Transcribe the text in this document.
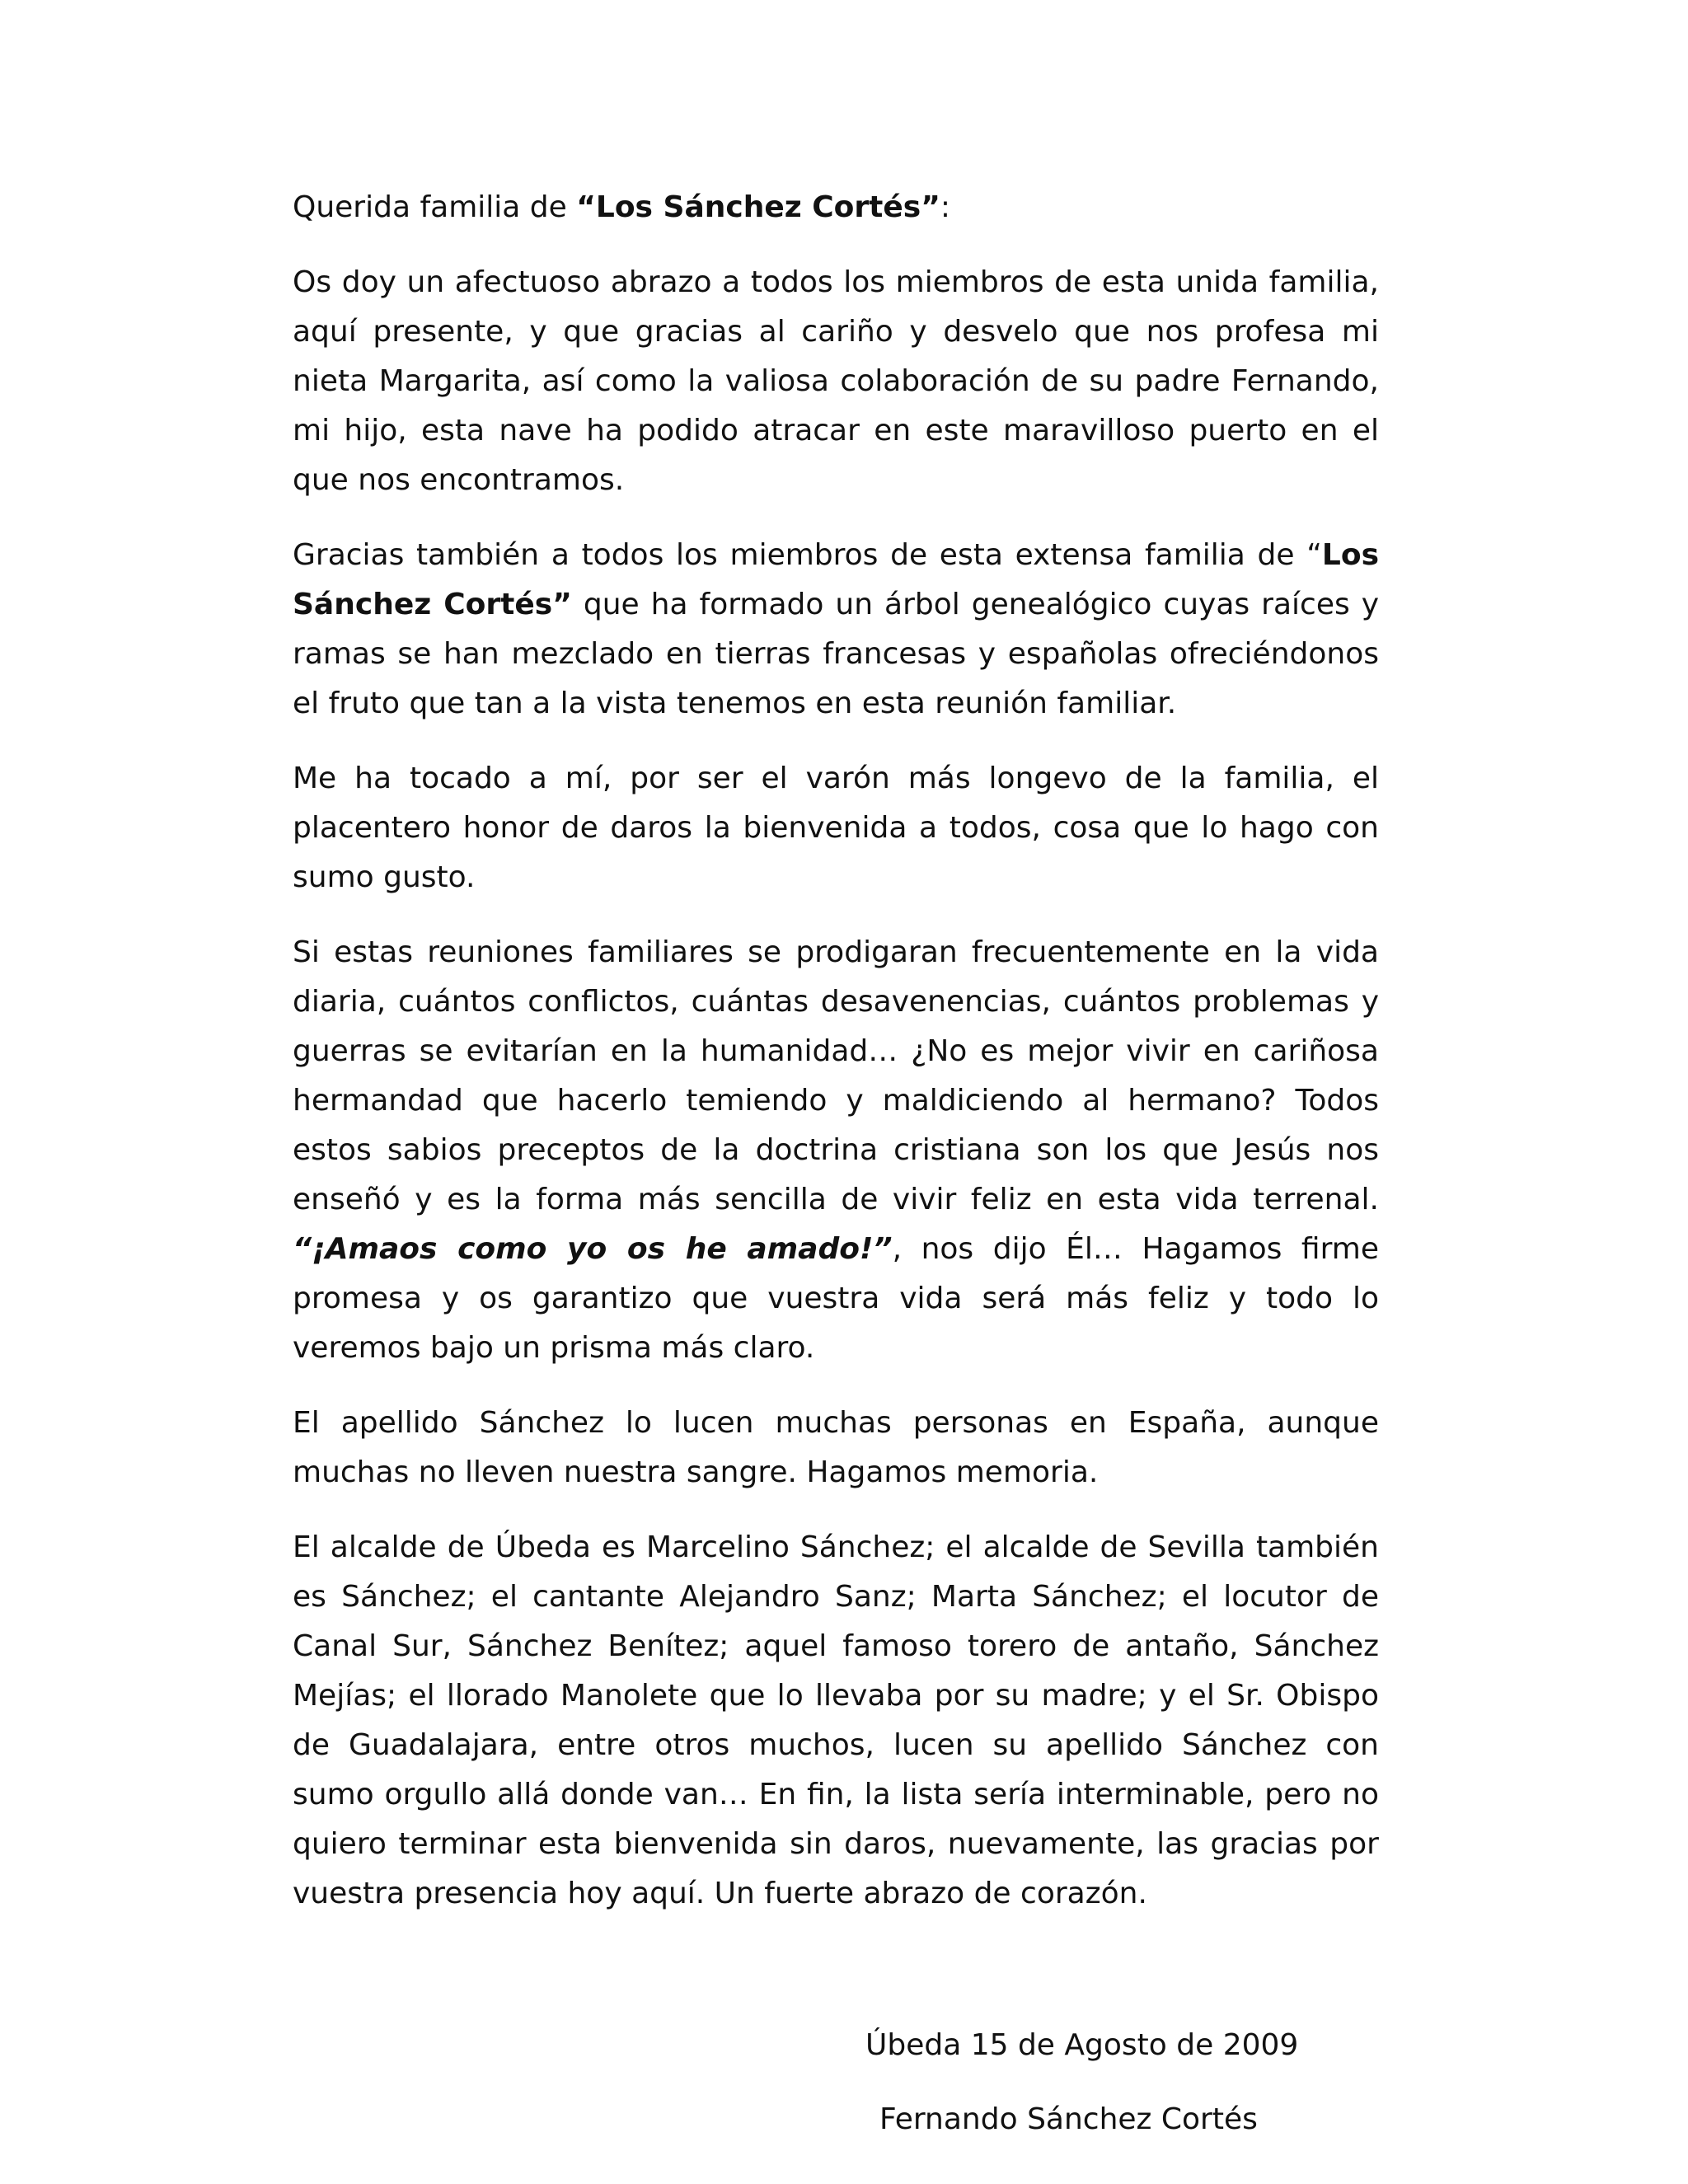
Querida familia de “Los Sánchez Cortés”:

Os doy un afectuoso abrazo a todos los miembros de esta unida familia, aquí presente, y que gracias al cariño y desvelo que nos profesa mi nieta Margarita, así como la valiosa colaboración de su padre Fernando, mi hijo, esta nave ha podido atracar en este maravilloso puerto en el que nos encontramos.

Gracias también a todos los miembros de esta extensa familia de “Los Sánchez Cortés” que ha formado un árbol genealógico cuyas raíces y ramas se han mezclado en tierras francesas y españolas ofreciéndonos el fruto que tan a la vista tenemos en esta reunión familiar.

Me ha tocado a mí, por ser el varón más longevo de la familia, el placentero honor de daros la bienvenida a todos, cosa que lo hago con sumo gusto.

Si estas reuniones familiares se prodigaran frecuentemente en la vida diaria, cuántos conflictos, cuántas desavenencias, cuántos problemas y guerras se evitarían en la humanidad… ¿No es mejor vivir en cariñosa hermandad que hacerlo temiendo y maldiciendo al hermano? Todos estos sabios preceptos de la doctrina cristiana son los que Jesús nos enseñó y es la forma más sencilla de vivir feliz en esta vida terrenal. “¡Amaos como yo os he amado!”, nos dijo Él… Hagamos firme promesa y os garantizo que vuestra vida será más feliz y todo lo veremos bajo un prisma más claro.

El apellido Sánchez lo lucen muchas personas en España, aunque muchas no lleven nuestra sangre. Hagamos memoria.

El alcalde de Úbeda es Marcelino Sánchez; el alcalde de Sevilla también es Sánchez; el cantante Alejandro Sanz; Marta Sánchez; el locutor de Canal Sur, Sánchez Benítez; aquel famoso torero de antaño, Sánchez Mejías; el llorado Manolete que lo llevaba por su madre; y el Sr. Obispo de Guadalajara, entre otros muchos, lucen su apellido Sánchez con sumo orgullo allá donde van… En fin, la lista sería interminable, pero no quiero terminar esta bienvenida sin daros, nuevamente, las gracias por vuestra presencia hoy aquí. Un fuerte abrazo de corazón.

Úbeda 15 de Agosto de 2009
Fernando Sánchez Cortés
